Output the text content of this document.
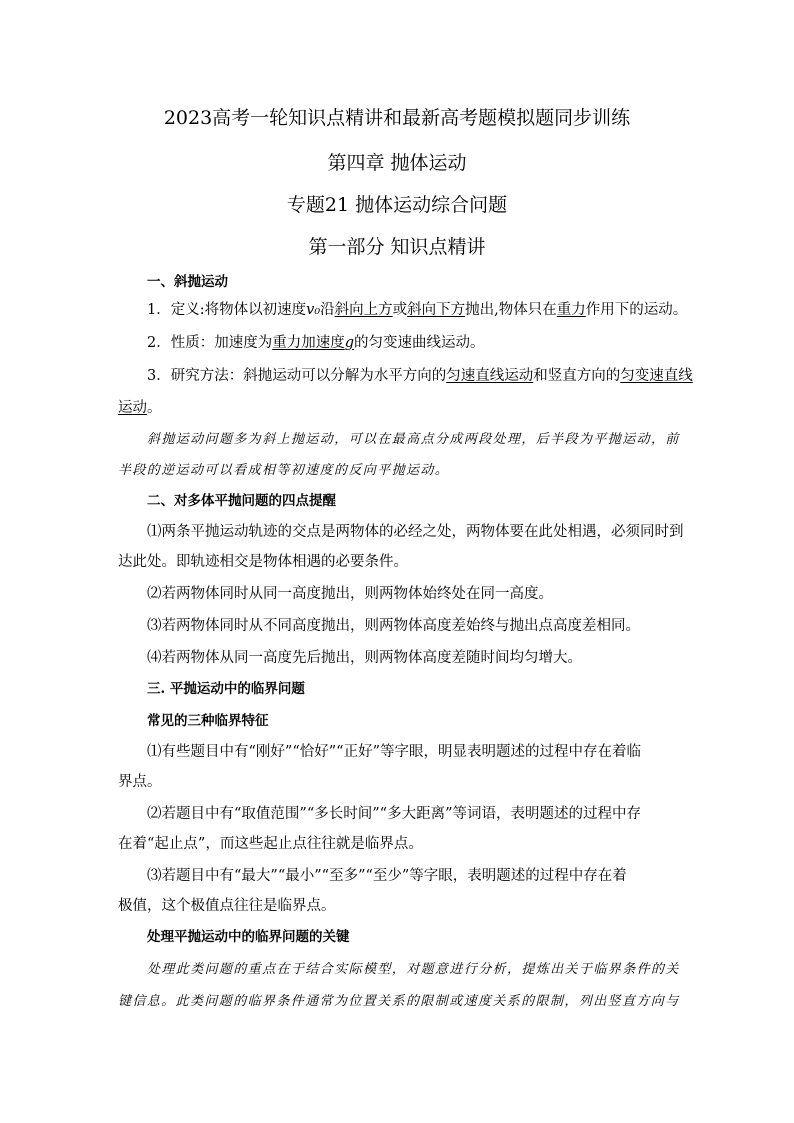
2023高考一轮知识点精讲和最新高考题模拟题同步训练
第四章 抛体运动
专题21 抛体运动综合问题
第一部分 知识点精讲
一、斜抛运动
1．定义:将物体以初速度v₀沿斜向上方或斜向下方抛出,物体只在重力作用下的运动。
2．性质：加速度为重力加速度g的匀变速曲线运动。
3．研究方法：斜抛运动可以分解为水平方向的匀速直线运动和竖直方向的匀变速直线
运动。
斜抛运动问题多为斜上抛运动，可以在最高点分成两段处理，后半段为平抛运动，前
半段的逆运动可以看成相等初速度的反向平抛运动。
二、对多体平抛问题的四点提醒
⑴两条平抛运动轨迹的交点是两物体的必经之处，两物体要在此处相遇，必须同时到
达此处。即轨迹相交是物体相遇的必要条件。
⑵若两物体同时从同一高度抛出，则两物体始终处在同一高度。
⑶若两物体同时从不同高度抛出，则两物体高度差始终与抛出点高度差相同。
⑷若两物体从同一高度先后抛出，则两物体高度差随时间均匀增大。
三. 平抛运动中的临界问题
常见的三种临界特征
⑴有些题目中有“刚好”“恰好”“正好”等字眼，明显表明题述的过程中存在着临
界点。
⑵若题目中有“取值范围”“多长时间”“多大距离”等词语，表明题述的过程中存
在着“起止点”，而这些起止点往往就是临界点。
⑶若题目中有“最大”“最小”“至多”“至少”等字眼，表明题述的过程中存在着
极值，这个极值点往往是临界点。
处理平抛运动中的临界问题的关键
处理此类问题的重点在于结合实际模型，对题意进行分析，提炼出关于临界条件的关
键信息。此类问题的临界条件通常为位置关系的限制或速度关系的限制，列出竖直方向与
